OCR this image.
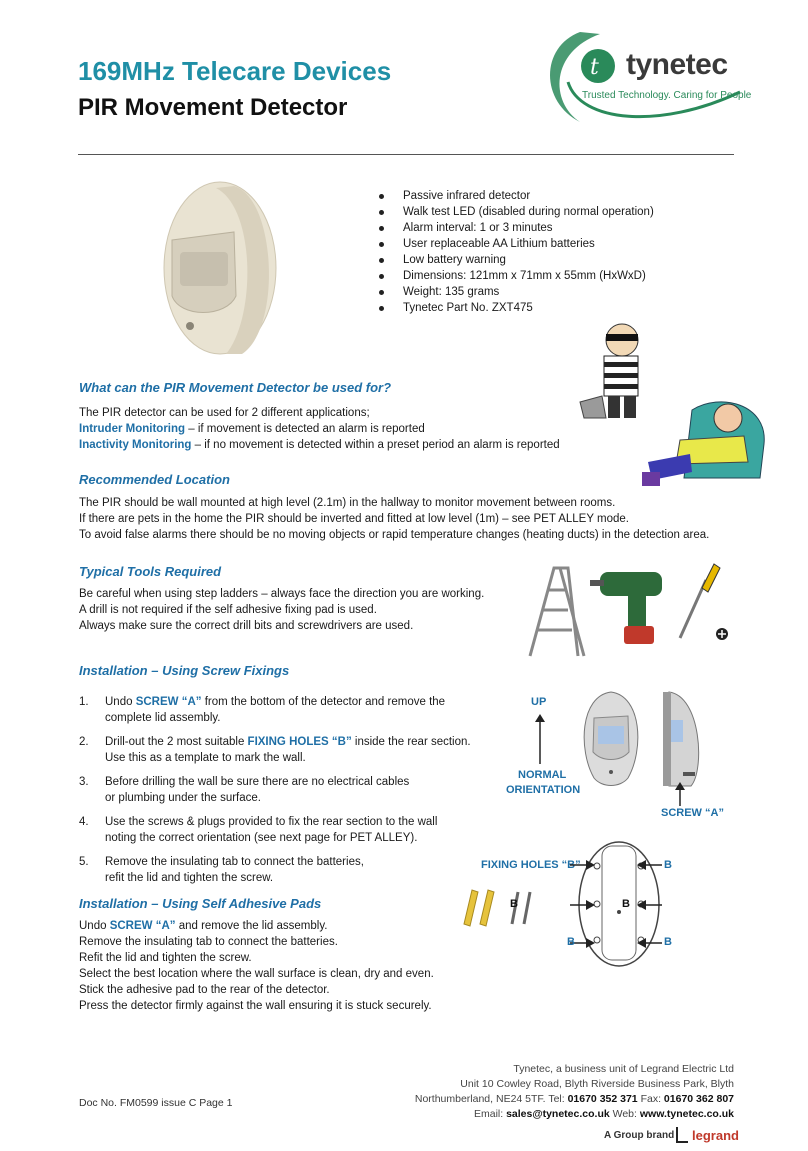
169MHz Telecare Devices
PIR Movement Detector
t tynetec
Trusted Technology. Caring for People
Passive infrared detector
Walk test LED (disabled during normal operation)
Alarm interval: 1 or 3 minutes
User replaceable AA Lithium batteries
Low battery warning
Dimensions: 121mm x 71mm x 55mm (HxWxD)
Weight: 135 grams
Tynetec Part No. ZXT475
What can the PIR Movement Detector be used for?
The PIR detector can be used for 2 different applications;
Intruder Monitoring – if movement is detected an alarm is reported
Inactivity Monitoring – if no movement is detected within a preset period an alarm is reported
Recommended Location
The PIR should be wall mounted at high level (2.1m) in the hallway to monitor movement between rooms.
If there are pets in the home the PIR should be inverted and fitted at low level (1m) – see PET ALLEY mode.
To avoid false alarms there should be no moving objects or rapid temperature changes (heating ducts) in the detection area.
Typical Tools Required
Be careful when using step ladders – always face the direction you are working.
A drill is not required if the self adhesive fixing pad is used.
Always make sure the correct drill bits and screwdrivers are used.
Installation – Using Screw Fixings
1. Undo SCREW “A” from the bottom of the detector and remove the
complete lid assembly.
2. Drill-out the 2 most suitable FIXING HOLES “B” inside the rear section.
Use this as a template to mark the wall.
3. Before drilling the wall be sure there are no electrical cables
or plumbing under the surface.
4. Use the screws & plugs provided to fix the rear section to the wall
noting the correct orientation (see next page for PET ALLEY).
5. Remove the insulating tab to connect the batteries,
refit the lid and tighten the screw.
Installation – Using Self Adhesive Pads
Undo SCREW “A” and remove the lid assembly.
Remove the insulating tab to connect the batteries.
Refit the lid and tighten the screw.
Select the best location where the wall surface is clean, dry and even.
Stick the adhesive pad to the rear of the detector.
Press the detector firmly against the wall ensuring it is stuck securely.
UP
NORMAL
ORIENTATION
SCREW “A”
FIXING HOLES “B”	B
B
B	B
B
Doc No. FM0599 issue C Page 1
Tynetec, a business unit of Legrand Electric Ltd
Unit 10 Cowley Road, Blyth Riverside Business Park, Blyth
Northumberland, NE24 5TF. Tel: 01670 352 371 Fax: 01670 362 807
Email: sales@tynetec.co.uk Web: www.tynetec.co.uk
A Group brand legrand
